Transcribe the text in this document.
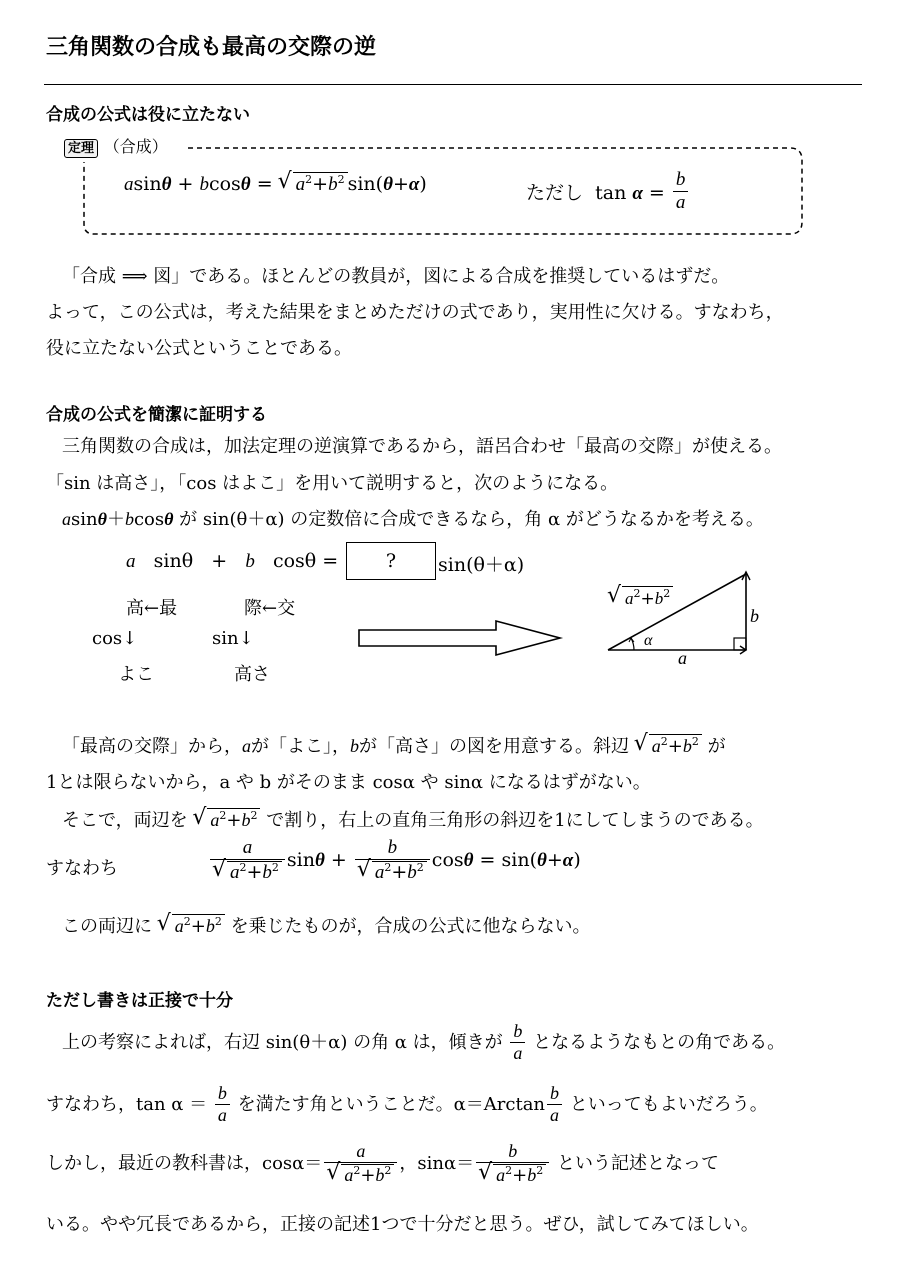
三角関数の合成も最高の交際の逆
合成の公式は役に立たない
定理 （合成）
asinθ + bcosθ = √ $a^2+b^2$ sin(θ+α)	ただし $\tan \alpha = \frac{b}{a}$
「合成 ⟹ 図」である。ほとんどの教員が，図による合成を推奨しているはずだ。
よって，この公式は，考えた結果をまとめただけの式であり，実用性に欠ける。すなわち，
役に立たない公式ということである。
合成の公式を簡潔に証明する
三角関数の合成は，加法定理の逆演算であるから，語呂合わせ「最高の交際」が使える。
「sin は高さ」，「cos はよこ」を用いて説明すると，次のようになる。
asinθ＋bcosθ が sin(θ＋α) の定数倍に合成できるなら，角 α がどうなるかを考える。
a sinθ + b cosθ =	?	sin(θ＋α)
高←最	際←交
cos↓	sin↓
よこ	高さ
√ $a^2+b^2$
b
a
α
「最高の交際」から，aが「よこ」，bが「高さ」の図を用意する。斜辺 √ $a^2+b^2$ が
1とは限らないから，a や b がそのまま cosα や sinα になるはずがない。
そこで，両辺を √ $a^2+b^2$ で割り，右上の直角三角形の斜辺を1にしてしまうのである。
すなわち	a
√ $a^2+b^2$ sinθ + b
√ $a^2+b^2$ cosθ = sin(θ+α)
この両辺に √ $a^2+b^2$ を乗じたものが，合成の公式に他ならない。
ただし書きは正接で十分
上の考察によれば，右辺 sin(θ＋α) の角 α は，傾きが $\frac{b}{a}$ となるようなもとの角である。
すなわち，$\tan \alpha = \frac{b}{a}$ を満たす角ということだ。$\alpha=Arctan \frac{b}{a}$ といってもよいだろう。
しかし，最近の教科書は，cosα＝ a
√ $a^2+b^2$ ，sinα＝ b
√ $a^2+b^2$ という記述となって
いる。やや冗長であるから，正接の記述1つで十分だと思う。ぜひ，試してみてほしい。
